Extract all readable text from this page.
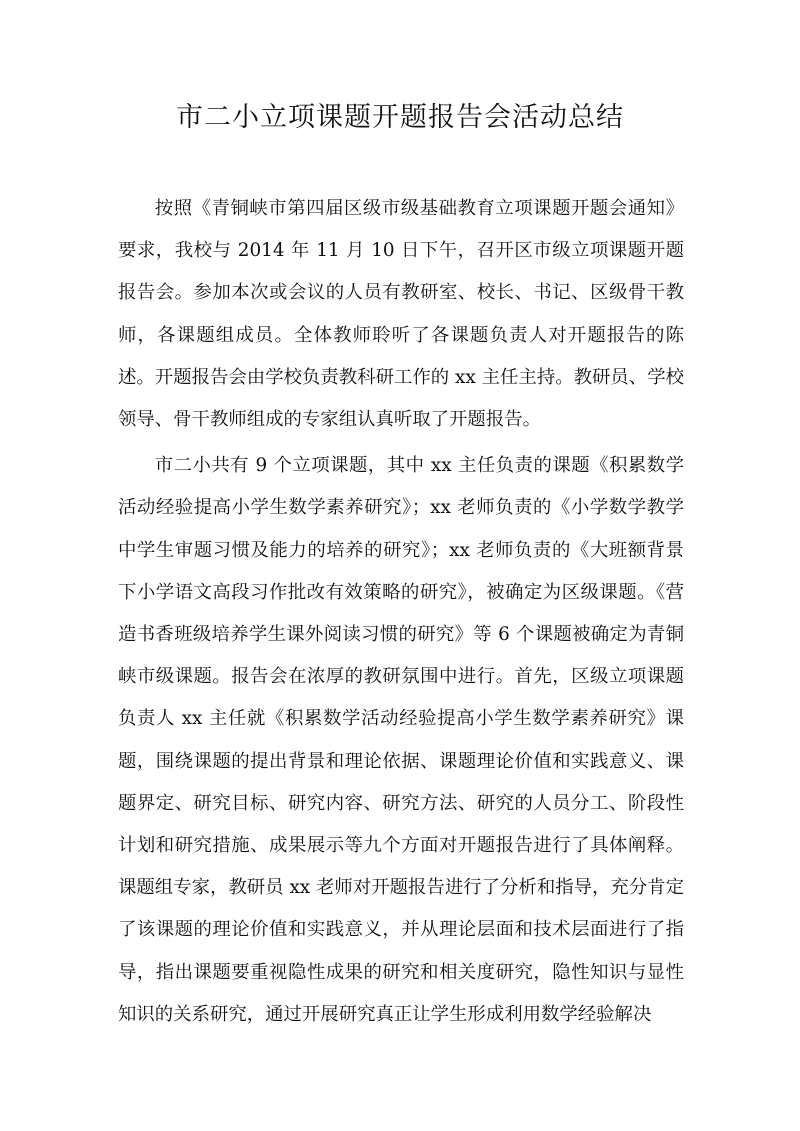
市二小立项课题开题报告会活动总结

按照《青铜峡市第四届区级市级基础教育立项课题开题会通知》要求，我校与 2014 年 11 月 10 日下午，召开区市级立项课题开题报告会。参加本次或会议的人员有教研室、校长、书记、区级骨干教师，各课题组成员。全体教师聆听了各课题负责人对开题报告的陈述。开题报告会由学校负责教科研工作的 xx 主任主持。教研员、学校领导、骨干教师组成的专家组认真听取了开题报告。

市二小共有 9 个立项课题，其中 xx 主任负责的课题《积累数学活动经验提高小学生数学素养研究》；xx 老师负责的《小学数学教学中学生审题习惯及能力的培养的研究》；xx 老师负责的《大班额背景下小学语文高段习作批改有效策略的研究》，被确定为区级课题。《营造书香班级培养学生课外阅读习惯的研究》等 6 个课题被确定为青铜峡市级课题。报告会在浓厚的教研氛围中进行。首先，区级立项课题负责人 xx 主任就《积累数学活动经验提高小学生数学素养研究》课题，围绕课题的提出背景和理论依据、课题理论价值和实践意义、课题界定、研究目标、研究内容、研究方法、研究的人员分工、阶段性计划和研究措施、成果展示等九个方面对开题报告进行了具体阐释。课题组专家，教研员 xx 老师对开题报告进行了分析和指导，充分肯定了该课题的理论价值和实践意义，并从理论层面和技术层面进行了指导，指出课题要重视隐性成果的研究和相关度研究，隐性知识与显性知识的关系研究，通过开展研究真正让学生形成利用数学经验解决
